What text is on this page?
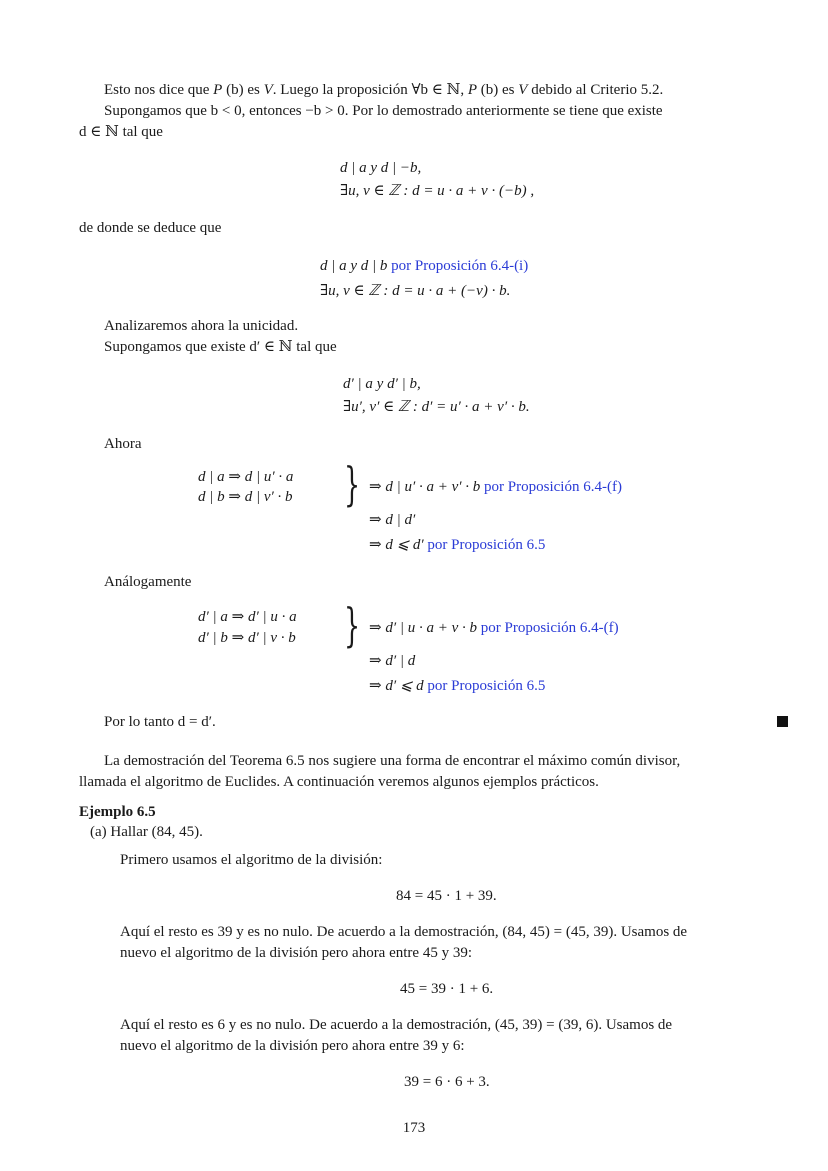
Esto nos dice que P (b) es V. Luego la proposición ∀b ∈ ℕ, P (b) es V debido al Criterio 5.2.
Supongamos que b < 0, entonces −b > 0. Por lo demostrado anteriormente se tiene que existe
d ∈ ℕ tal que
d | a y d | −b,
∃u, v ∈ ℤ : d = u · a + v · (−b) ,
de donde se deduce que
d | a y d | b por Proposición 6.4-(i)
∃u, v ∈ ℤ : d = u · a + (−v) · b.
Analizaremos ahora la unicidad.
Supongamos que existe d′ ∈ ℕ tal que
d′ | a y d′ | b,
∃u′, v′ ∈ ℤ : d′ = u′ · a + v′ · b.
Ahora
d | a ⇒ d | u′ · a
d | b ⇒ d | v′ · b } ⇒ d | u′ · a + v′ · b por Proposición 6.4-(f)
⇒ d | d′
⇒ d ⩽ d′ por Proposición 6.5
Análogamente
d′ | a ⇒ d′ | u · a
d′ | b ⇒ d′ | v · b } ⇒ d′ | u · a + v · b por Proposición 6.4-(f)
⇒ d′ | d
⇒ d′ ⩽ d por Proposición 6.5
Por lo tanto d = d′.
La demostración del Teorema 6.5 nos sugiere una forma de encontrar el máximo común divisor,
llamada el algoritmo de Euclides. A continuación veremos algunos ejemplos prácticos.
Ejemplo 6.5
(a) Hallar (84, 45).
Primero usamos el algoritmo de la división:
84 = 45 · 1 + 39.
Aquí el resto es 39 y es no nulo. De acuerdo a la demostración, (84, 45) = (45, 39). Usamos de
nuevo el algoritmo de la división pero ahora entre 45 y 39:
45 = 39 · 1 + 6.
Aquí el resto es 6 y es no nulo. De acuerdo a la demostración, (45, 39) = (39, 6). Usamos de
nuevo el algoritmo de la división pero ahora entre 39 y 6:
39 = 6 · 6 + 3.
173
